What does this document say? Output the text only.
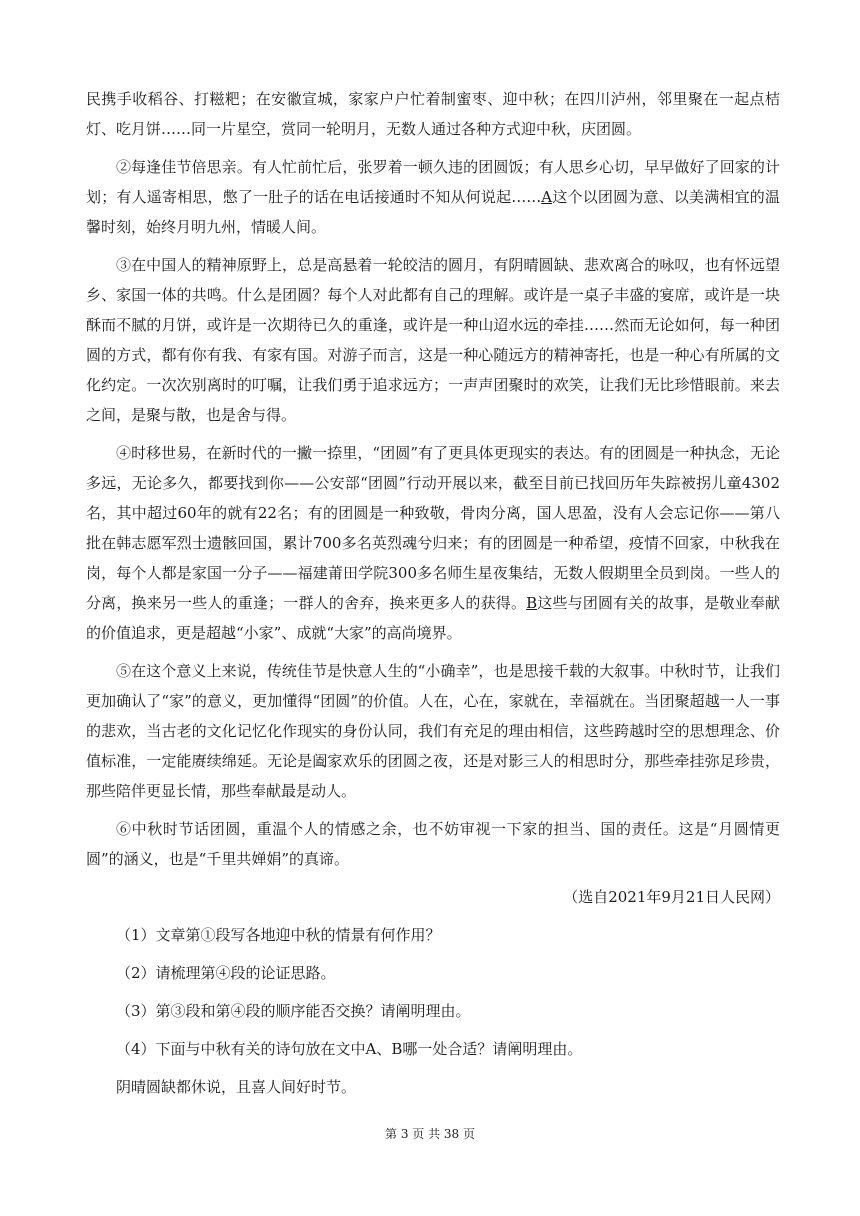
民携手收稻谷、打糍粑；在安徽宣城，家家户户忙着制蜜枣、迎中秋；在四川泸州，邻里聚在一起点桔灯、吃月饼……同一片星空，赏同一轮明月，无数人通过各种方式迎中秋，庆团圆。

②每逢佳节倍思亲。有人忙前忙后，张罗着一顿久违的团圆饭；有人思乡心切，早早做好了回家的计划；有人遥寄相思，憋了一肚子的话在电话接通时不知从何说起……A这个以团圆为意、以美满相宜的温馨时刻，始终月明九州，情暖人间。

③在中国人的精神原野上，总是高悬着一轮皎洁的圆月，有阴晴圆缺、悲欢离合的咏叹，也有怀远望乡、家国一体的共鸣。什么是团圆？每个人对此都有自己的理解。或许是一桌子丰盛的宴席，或许是一块酥而不腻的月饼，或许是一次期待已久的重逢，或许是一种山迢水远的牵挂……然而无论如何，每一种团圆的方式，都有你有我、有家有国。对游子而言，这是一种心随远方的精神寄托，也是一种心有所属的文化约定。一次次别离时的叮嘱，让我们勇于追求远方；一声声团聚时的欢笑，让我们无比珍惜眼前。来去之间，是聚与散，也是舍与得。

④时移世易，在新时代的一撇一捺里，“团圆”有了更具体更现实的表达。有的团圆是一种执念，无论多远，无论多久，都要找到你——公安部“团圆”行动开展以来，截至目前已找回历年失踪被拐儿童4302名，其中超过60年的就有22名；有的团圆是一种致敬，骨肉分离，国人思盈，没有人会忘记你——第八批在韩志愿军烈士遗骸回国，累计700多名英烈魂兮归来；有的团圆是一种希望，疫情不回家，中秋我在岗，每个人都是家国一分子——福建莆田学院300多名师生星夜集结，无数人假期里全员到岗。一些人的分离，换来另一些人的重逢；一群人的舍弃，换来更多人的获得。B这些与团圆有关的故事，是敬业奉献的价值追求，更是超越“小家”、成就“大家”的高尚境界。

⑤在这个意义上来说，传统佳节是快意人生的“小确幸”，也是思接千载的大叙事。中秋时节，让我们更加确认了“家”的意义，更加懂得“团圆”的价值。人在，心在，家就在，幸福就在。当团聚超越一人一事的悲欢，当古老的文化记忆化作现实的身份认同，我们有充足的理由相信，这些跨越时空的思想理念、价值标准，一定能赓续绵延。无论是阖家欢乐的团圆之夜，还是对影三人的相思时分，那些牵挂弥足珍贵，那些陪伴更显长情，那些奉献最是动人。

⑥中秋时节话团圆，重温个人的情感之余，也不妨审视一下家的担当、国的责任。这是“月圆情更圆”的涵义，也是“千里共婵娟”的真谛。

（选自2021年9月21日人民网）

（1）文章第①段写各地迎中秋的情景有何作用？

（2）请梳理第④段的论证思路。

（3）第③段和第④段的顺序能否交换？请阐明理由。

（4）下面与中秋有关的诗句放在文中A、B哪一处合适？请阐明理由。

阴晴圆缺都休说，且喜人间好时节。

第 3 页 共 38 页
